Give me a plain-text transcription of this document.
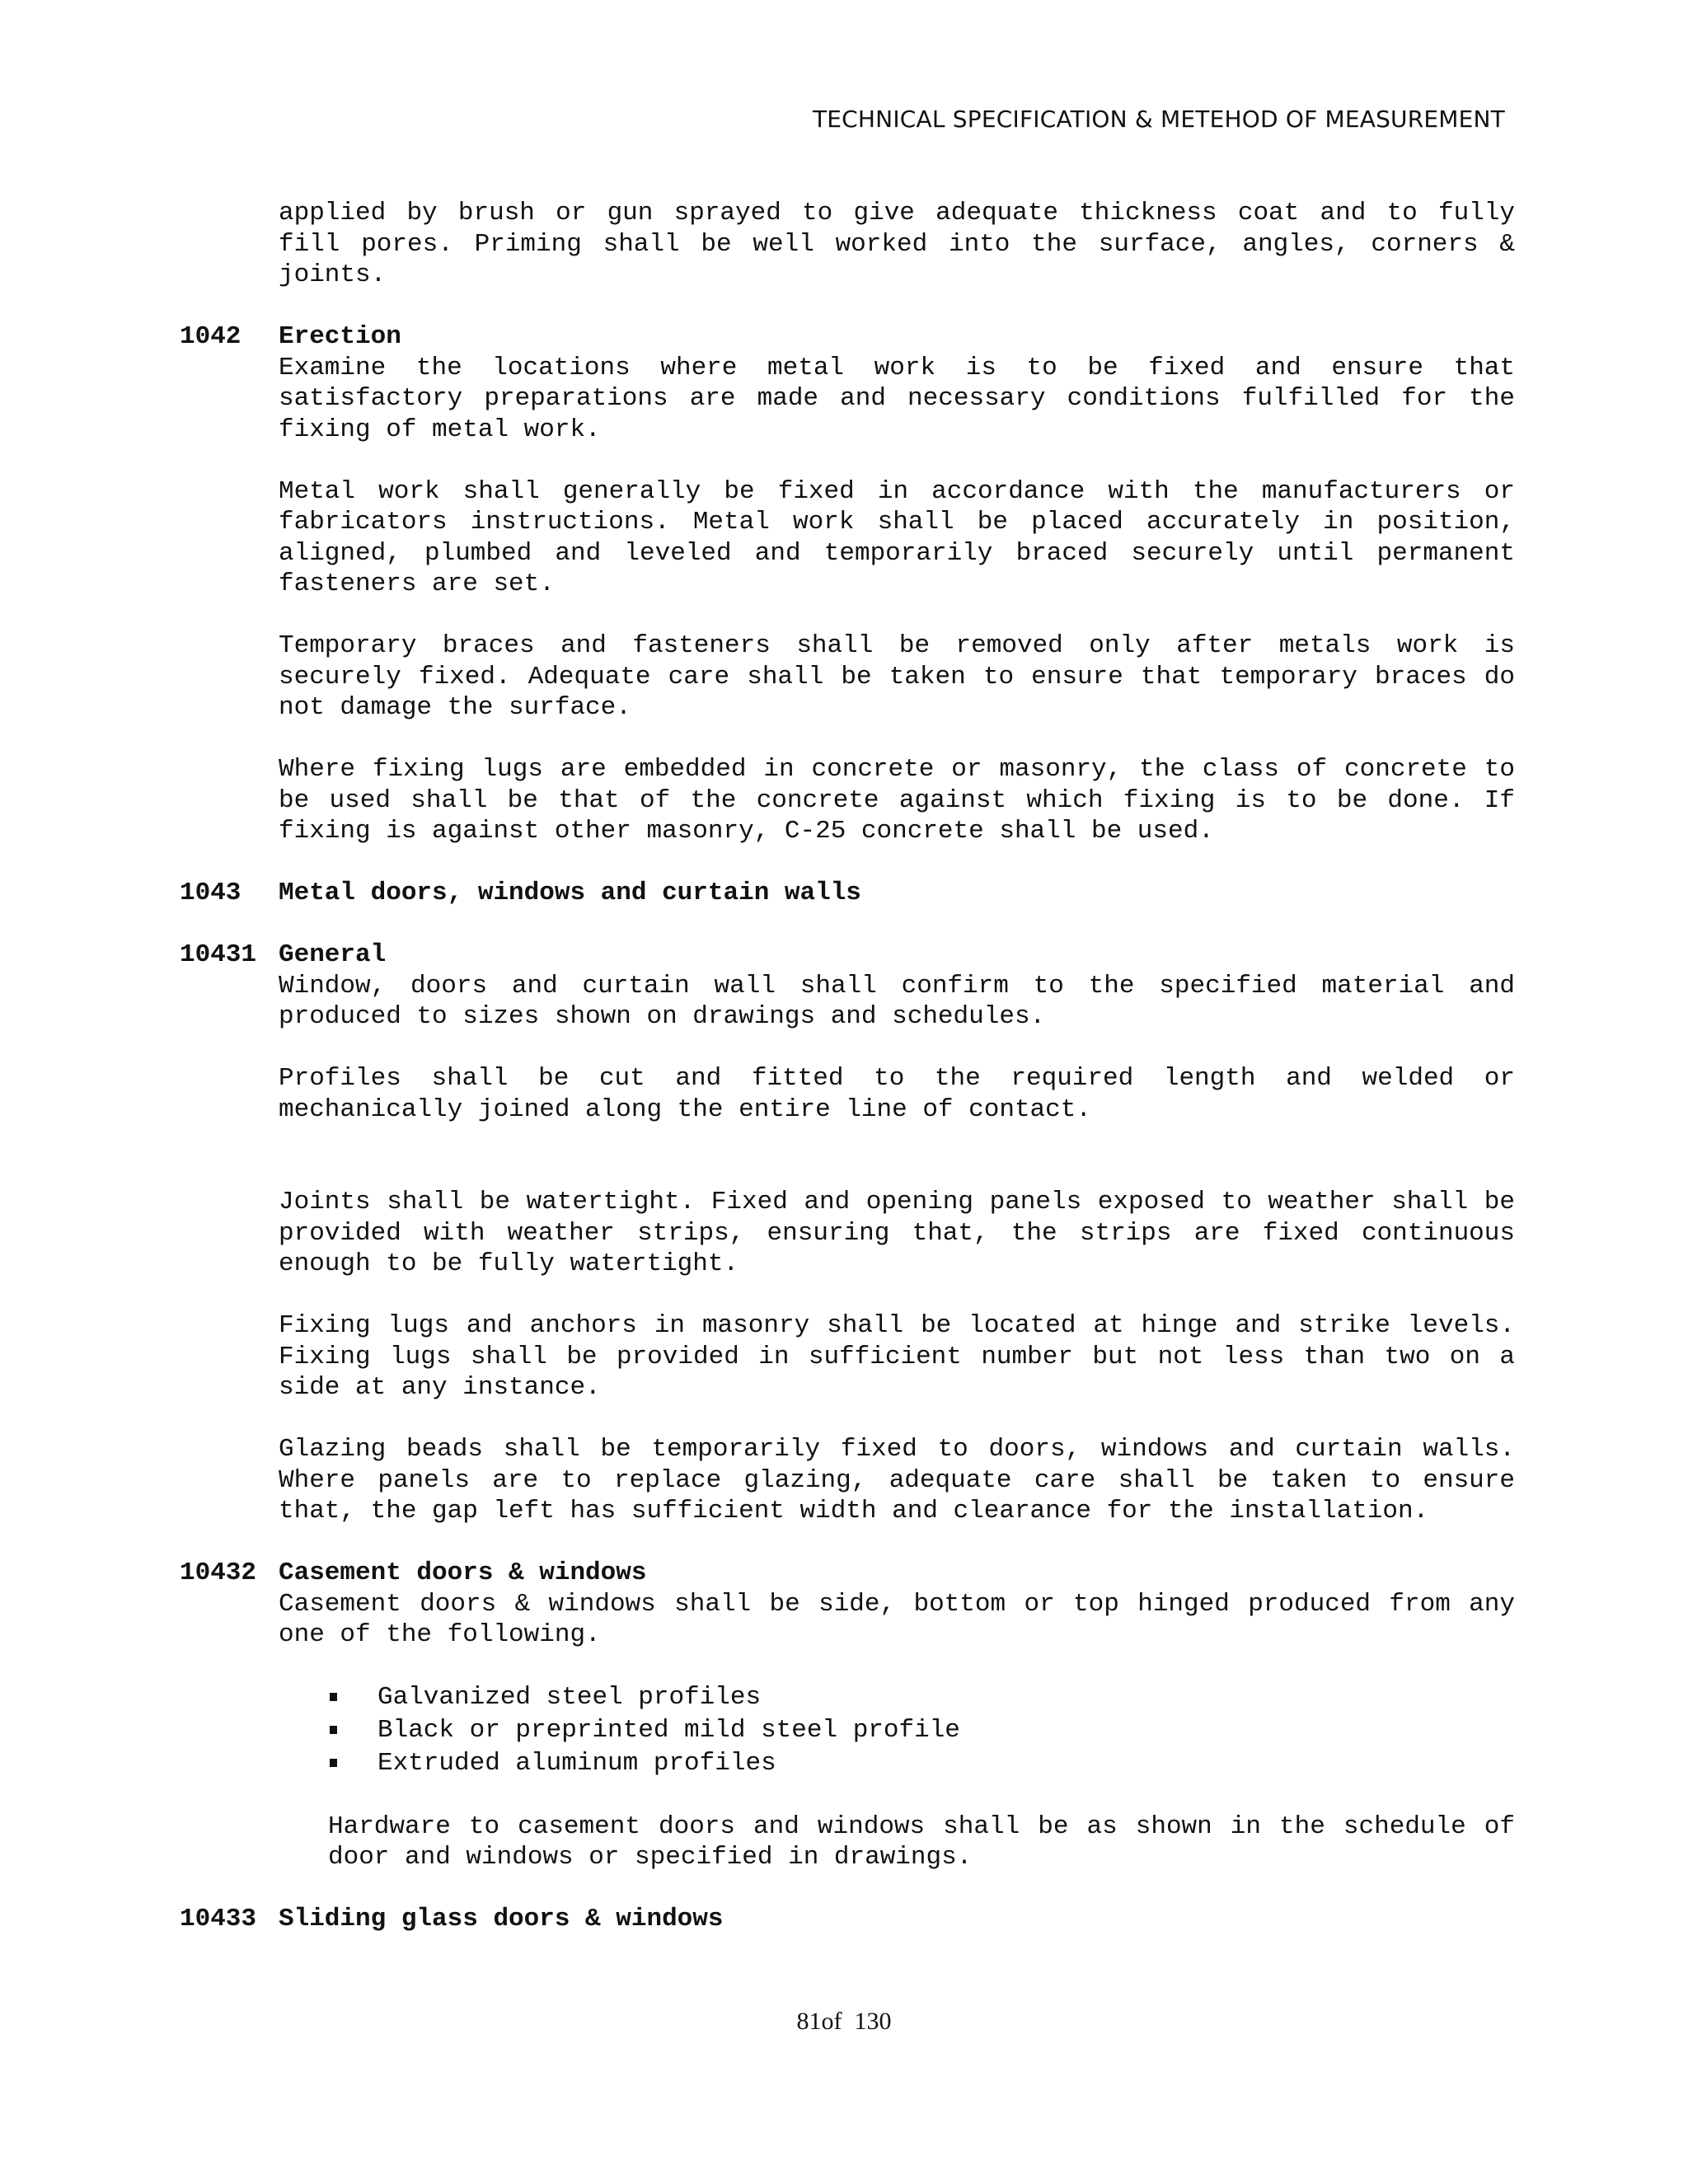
TECHNICAL SPECIFICATION & METEHOD OF MEASUREMENT
applied by brush or gun sprayed to give adequate thickness coat and to fully fill pores. Priming shall be well worked into the surface, angles, corners & joints.
1042	Erection
Examine the locations where metal work is to be fixed and ensure that satisfactory preparations are made and necessary conditions fulfilled for the fixing of metal work.
Metal work shall generally be fixed in accordance with the manufacturers or fabricators instructions. Metal work shall be placed accurately in position, aligned, plumbed and leveled and temporarily braced securely until permanent fasteners are set.
Temporary braces and fasteners shall be removed only after metals work is securely fixed. Adequate care shall be taken to ensure that temporary braces do not damage the surface.
Where fixing lugs are embedded in concrete or masonry, the class of concrete to be used shall be that of the concrete against which fixing is to be done. If fixing is against other masonry, C-25 concrete shall be used.
1043	Metal doors, windows and curtain walls
10431 General
Window, doors and curtain wall shall confirm to the specified material and produced to sizes shown on drawings and schedules.
Profiles shall be cut and fitted to the required length and welded or mechanically joined along the entire line of contact.
Joints shall be watertight. Fixed and opening panels exposed to weather shall be provided with weather strips, ensuring that, the strips are fixed continuous enough to be fully watertight.
Fixing lugs and anchors in masonry shall be located at hinge and strike levels. Fixing lugs shall be provided in sufficient number but not less than two on a side at any instance.
Glazing beads shall be temporarily fixed to doors, windows and curtain walls. Where panels are to replace glazing, adequate care shall be taken to ensure that, the gap left has sufficient width and clearance for the installation.
10432 Casement doors & windows
Casement doors & windows shall be side, bottom or top hinged produced from any one of the following.
Galvanized steel profiles
Black or preprinted mild steel profile
Extruded aluminum profiles
Hardware to casement doors and windows shall be as shown in the schedule of door and windows or specified in drawings.
10433 Sliding glass doors & windows
81of 130
